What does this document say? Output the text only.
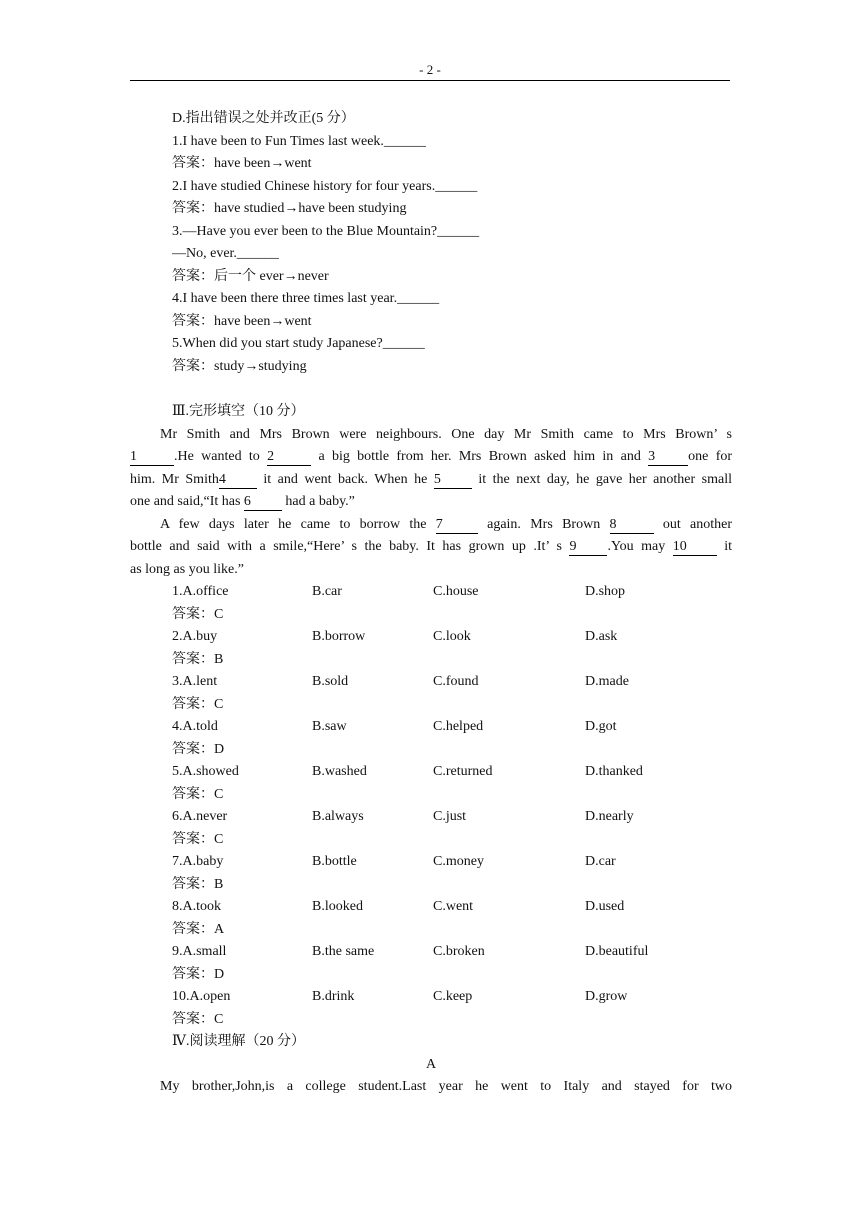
- 2 -
D.指出错误之处并改正(5 分）
1.I have been to Fun Times last week.______
答案：have been→went
2.I have studied Chinese history for four years.______
答案：have studied→have been studying
3.—Have you ever been to the Blue Mountain?______
—No, ever.______
答案：后一个 ever→never
4.I have been there three times last year.______
答案：have been→went
5.When did you start study Japanese?______
答案：study→studying
Ⅲ.完形填空（10 分）
Mr Smith and Mrs Brown were neighbours. One day Mr Smith came to Mrs Brown’ s
1	.He wanted to 2	a big bottle from her. Mrs Brown asked him in and 3 one for
him. Mr Smith4	it and went back. When he 5	it the next day, he gave her another small
one and said,“It has 6 had a baby.”
A few days later he came to borrow the 7	again. Mrs Brown 8	out another
bottle and said with a smile,“Here’ s the baby. It has grown up .It’ s 9 .You may 10	it
as long as you like.”
1.A.office	B.car	C.house	D.shop
答案：C
2.A.buy	B.borrow	C.look	D.ask
答案：B
3.A.lent	B.sold	C.found	D.made
答案：C
4.A.told	B.saw	C.helped	D.got
答案：D
5.A.showed	B.washed	C.returned	D.thanked
答案：C
6.A.never	B.always	C.just	D.nearly
答案：C
7.A.baby	B.bottle	C.money	D.car
答案：B
8.A.took	B.looked	C.went	D.used
答案：A
9.A.small	B.the same	C.broken	D.beautiful
答案：D
10.A.open	B.drink	C.keep	D.grow
答案：C
Ⅳ.阅读理解（20 分）
A
My brother,John,is a college student.Last year he went to Italy and stayed for two
